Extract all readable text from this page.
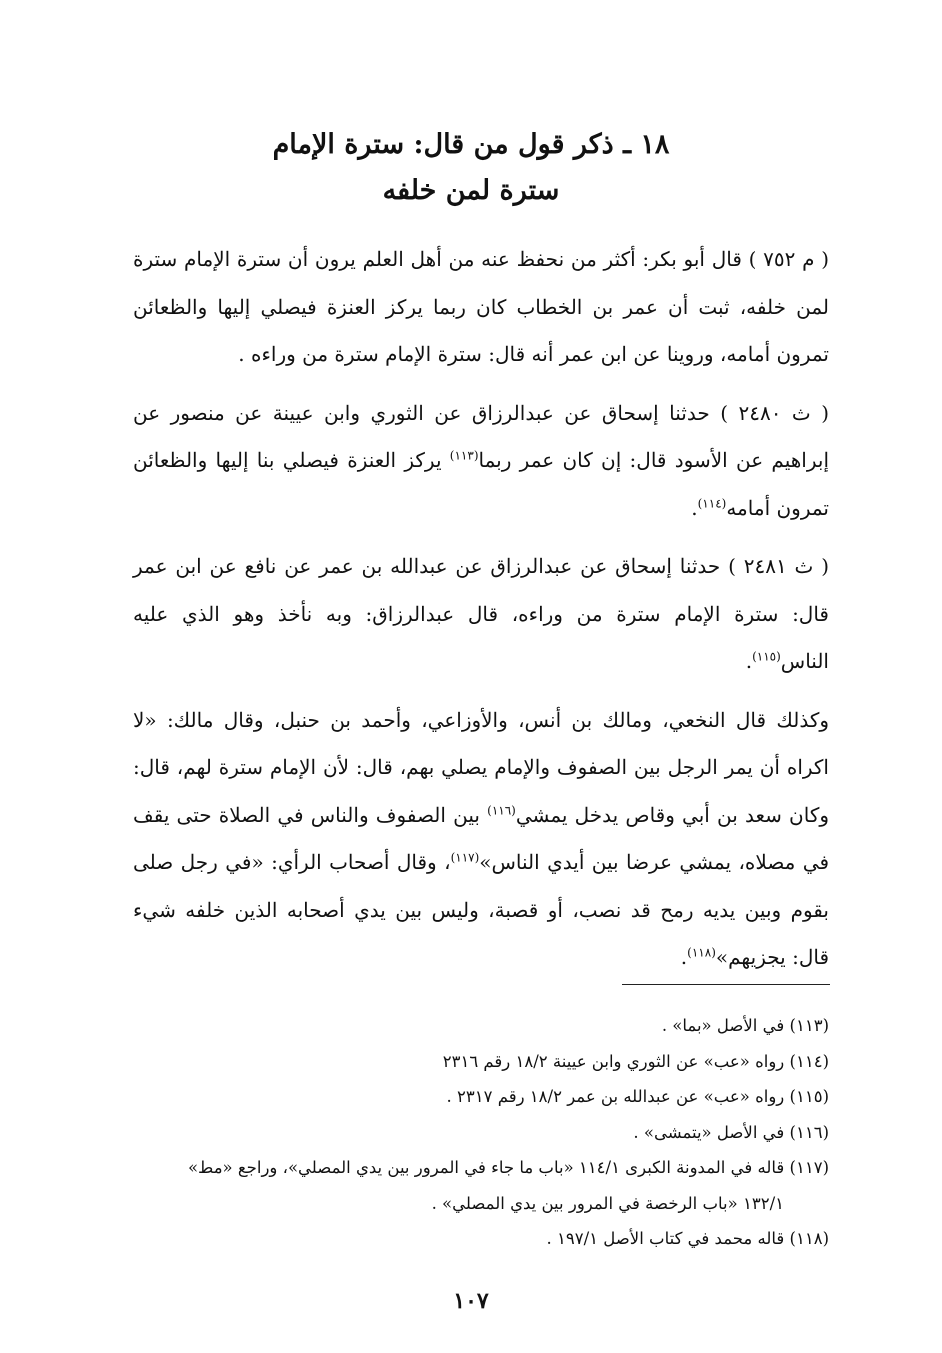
١٨ ـ ذكر قول من قال: سترة الإمام
سترة لمن خلفه

( م ٧٥٢ ) قال أبو بكر: أكثر من نحفظ عنه من أهل العلم يرون أن سترة الإمام سترة لمن خلفه، ثبت أن عمر بن الخطاب كان ربما يركز العنزة فيصلي إليها والظعائن تمرون أمامه، وروينا عن ابن عمر أنه قال: سترة الإمام سترة من وراءه .

( ث ٢٤٨٠ ) حدثنا إسحاق عن عبدالرزاق عن الثوري وابن عيينة عن منصور عن إبراهيم عن الأسود قال: إن كان عمر ربما$^{(١١٣)}$ يركز العنزة فيصلي بنا إليها والظعائن تمرون أمامه$^{(١١٤)}$.

( ث ٢٤٨١ ) حدثنا إسحاق عن عبدالرزاق عن عبدالله بن عمر عن نافع عن ابن عمر قال: سترة الإمام سترة من وراءه، قال عبدالرزاق: وبه نأخذ وهو الذي عليه الناس$^{(١١٥)}$.

وكذلك قال النخعي، ومالك بن أنس، والأوزاعي، وأحمد بن حنبل، وقال مالك: «لا اكراه أن يمر الرجل بين الصفوف والإمام يصلي بهم، قال: لأن الإمام سترة لهم، قال: وكان سعد بن أبي وقاص يدخل يمشي$^{(١١٦)}$ بين الصفوف والناس في الصلاة حتى يقف في مصلاه، يمشي عرضا بين أيدي الناس»$^{(١١٧)}$، وقال أصحاب الرأي: «في رجل صلى بقوم وبين يديه رمح قد نصب، أو قصبة، وليس بين يدي أصحابه الذين خلفه شيء قال: يجزيهم»$^{(١١٨)}$.

(١١٣) في الأصل «بما» .
(١١٤) رواه «عب» عن الثوري وابن عيينة ١٨/٢ رقم ٢٣١٦
(١١٥) رواه «عب» عن عبدالله بن عمر ١٨/٢ رقم ٢٣١٧ .
(١١٦) في الأصل «يتمشى» .
(١١٧) قاله في المدونة الكبرى ١١٤/١ «باب ما جاء في المرور بين يدي المصلي»، وراجع «مط»
١٣٢/١ «باب الرخصة في المرور بين يدي المصلي» .
(١١٨) قاله محمد في كتاب الأصل ١٩٧/١ .
١٠٧
